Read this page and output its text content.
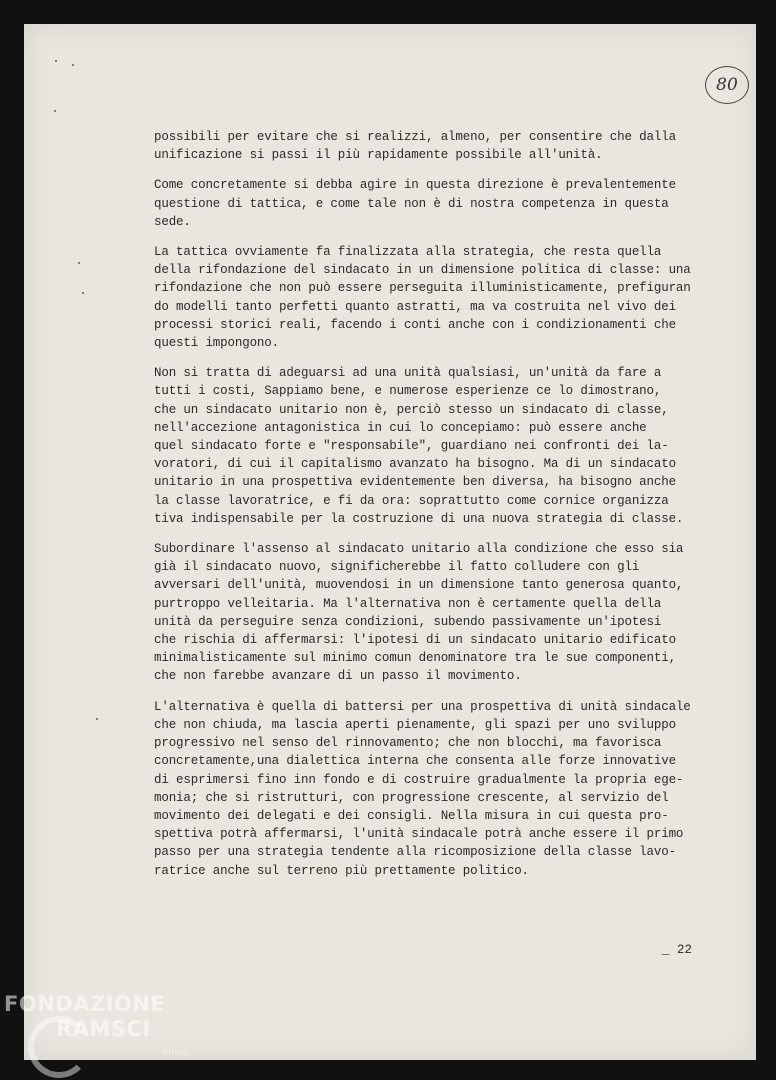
80
possibili per evitare che si realizzi, almeno, per consentire che dalla
unificazione si passi il più rapidamente possibile all'unità.
Come concretamente si debba agire in questa direzione è prevalentemente
questione di tattica, e come tale non è di nostra competenza in questa
sede.
La tattica ovviamente fa finalizzata alla strategia, che resta quella
della rifondazione del sindacato in un dimensione politica di classe: una
rifondazione che non può essere perseguita illuministicamente, prefiguran
do modelli tanto perfetti quanto astratti, ma va costruita nel vivo dei
processi storici reali, facendo i conti anche con i condizionamenti che
questi impongono.
Non si tratta di adeguarsi ad una unità qualsiasi, un'unità da fare a
tutti i costi, Sappiamo bene, e numerose esperienze ce lo dimostrano,
che un sindacato unitario non è, perciò stesso un sindacato di classe,
nell'accezione antagonistica in cui lo concepiamo: può essere anche
quel sindacato forte e "responsabile", guardiano nei confronti dei la-
voratori, di cui il capitalismo avanzato ha bisogno. Ma di un sindacato
unitario in una prospettiva evidentemente ben diversa, ha bisogno anche
la classe lavoratrice, e fi da ora: soprattutto come cornice organizza
tiva indispensabile per la costruzione di una nuova strategia di classe.
Subordinare l'assenso al sindacato unitario alla condizione che esso sia
già il sindacato nuovo, significherebbe il fatto colludere con gli
avversari dell'unità, muovendosi in un dimensione tanto generosa quanto,
purtroppo velleitaria. Ma l'alternativa non è certamente quella della
unità da perseguire senza condizioni, subendo passivamente un'ipotesi
che rischia di affermarsi: l'ipotesi di un sindacato unitario edificato
minimalisticamente sul minimo comun denominatore tra le sue componenti,
che non farebbe avanzare di un passo il movimento.
L'alternativa è quella di battersi per una prospettiva di unità sindacale
che non chiuda, ma lascia aperti pienamente, gli spazi per uno sviluppo
progressivo nel senso del rinnovamento; che non blocchi, ma favorisca
concretamente,una dialettica interna che consenta alle forze innovative
di esprimersi fino inn fondo e di costruire gradualmente la propria ege-
monia; che si ristrutturi, con progressione crescente, al servizio del
movimento dei delegati e dei consigli. Nella misura in cui questa pro-
spettiva potrà affermarsi, l'unità sindacale potrà anche essere il primo
passo per una strategia tendente alla ricomposizione della classe lavo-
ratrice anche sul terreno più prettamente politico.
_ 22
FONDAZIONE
RAMSCI
onlus
